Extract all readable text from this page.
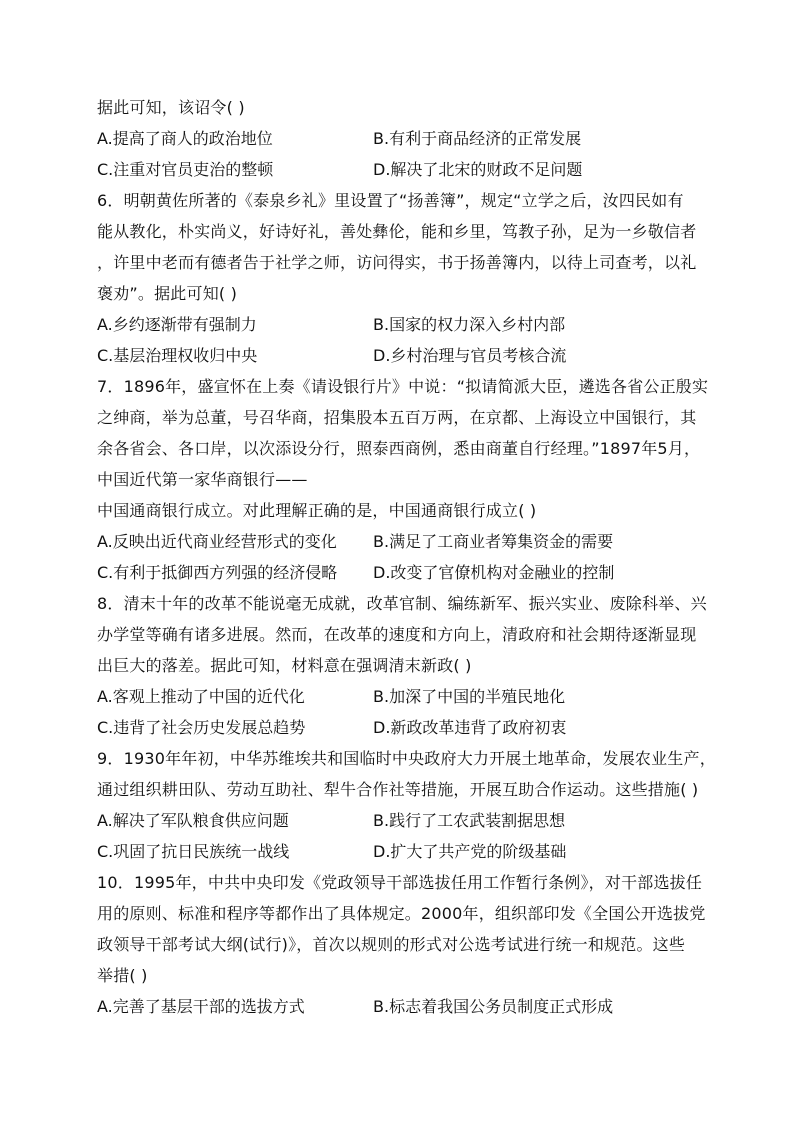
据此可知，该诏令( )
A.提高了商人的政治地位	B.有利于商品经济的正常发展
C.注重对官员吏治的整顿	D.解决了北宋的财政不足问题
6．明朝黄佐所著的《泰泉乡礼》里设置了“扬善簿”，规定“立学之后，汝四民如有
能从教化，朴实尚义，好诗好礼，善处彝伦，能和乡里，笃教子孙，足为一乡敬信者
，许里中老而有德者告于社学之师，访问得实，书于扬善簿内，以待上司查考，以礼
褒劝”。据此可知( )
A.乡约逐渐带有强制力	B.国家的权力深入乡村内部
C.基层治理权收归中央	D.乡村治理与官员考核合流
7．1896年，盛宣怀在上奏《请设银行片》中说：“拟请简派大臣，遴选各省公正殷实
之绅商，举为总董，号召华商，招集股本五百万两，在京都、上海设立中国银行，其
余各省会、各口岸，以次添设分行，照泰西商例，悉由商董自行经理。”1897年5月，
中国近代第一家华商银行——
中国通商银行成立。对此理解正确的是，中国通商银行成立( )
A.反映出近代商业经营形式的变化	B.满足了工商业者筹集资金的需要
C.有利于抵御西方列强的经济侵略	D.改变了官僚机构对金融业的控制
8．清末十年的改革不能说毫无成就，改革官制、编练新军、振兴实业、废除科举、兴
办学堂等确有诸多进展。然而，在改革的速度和方向上，清政府和社会期待逐渐显现
出巨大的落差。据此可知，材料意在强调清末新政( )
A.客观上推动了中国的近代化	B.加深了中国的半殖民地化
C.违背了社会历史发展总趋势	D.新政改革违背了政府初衷
9．1930年年初，中华苏维埃共和国临时中央政府大力开展土地革命，发展农业生产，
通过组织耕田队、劳动互助社、犁牛合作社等措施，开展互助合作运动。这些措施( )
A.解决了军队粮食供应问题	B.践行了工农武装割据思想
C.巩固了抗日民族统一战线	D.扩大了共产党的阶级基础
10．1995年，中共中央印发《党政领导干部选拔任用工作暂行条例》，对干部选拔任
用的原则、标准和程序等都作出了具体规定。2000年，组织部印发《全国公开选拔党
政领导干部考试大纲(试行)》，首次以规则的形式对公选考试进行统一和规范。这些
举措( )
A.完善了基层干部的选拔方式	B.标志着我国公务员制度正式形成
